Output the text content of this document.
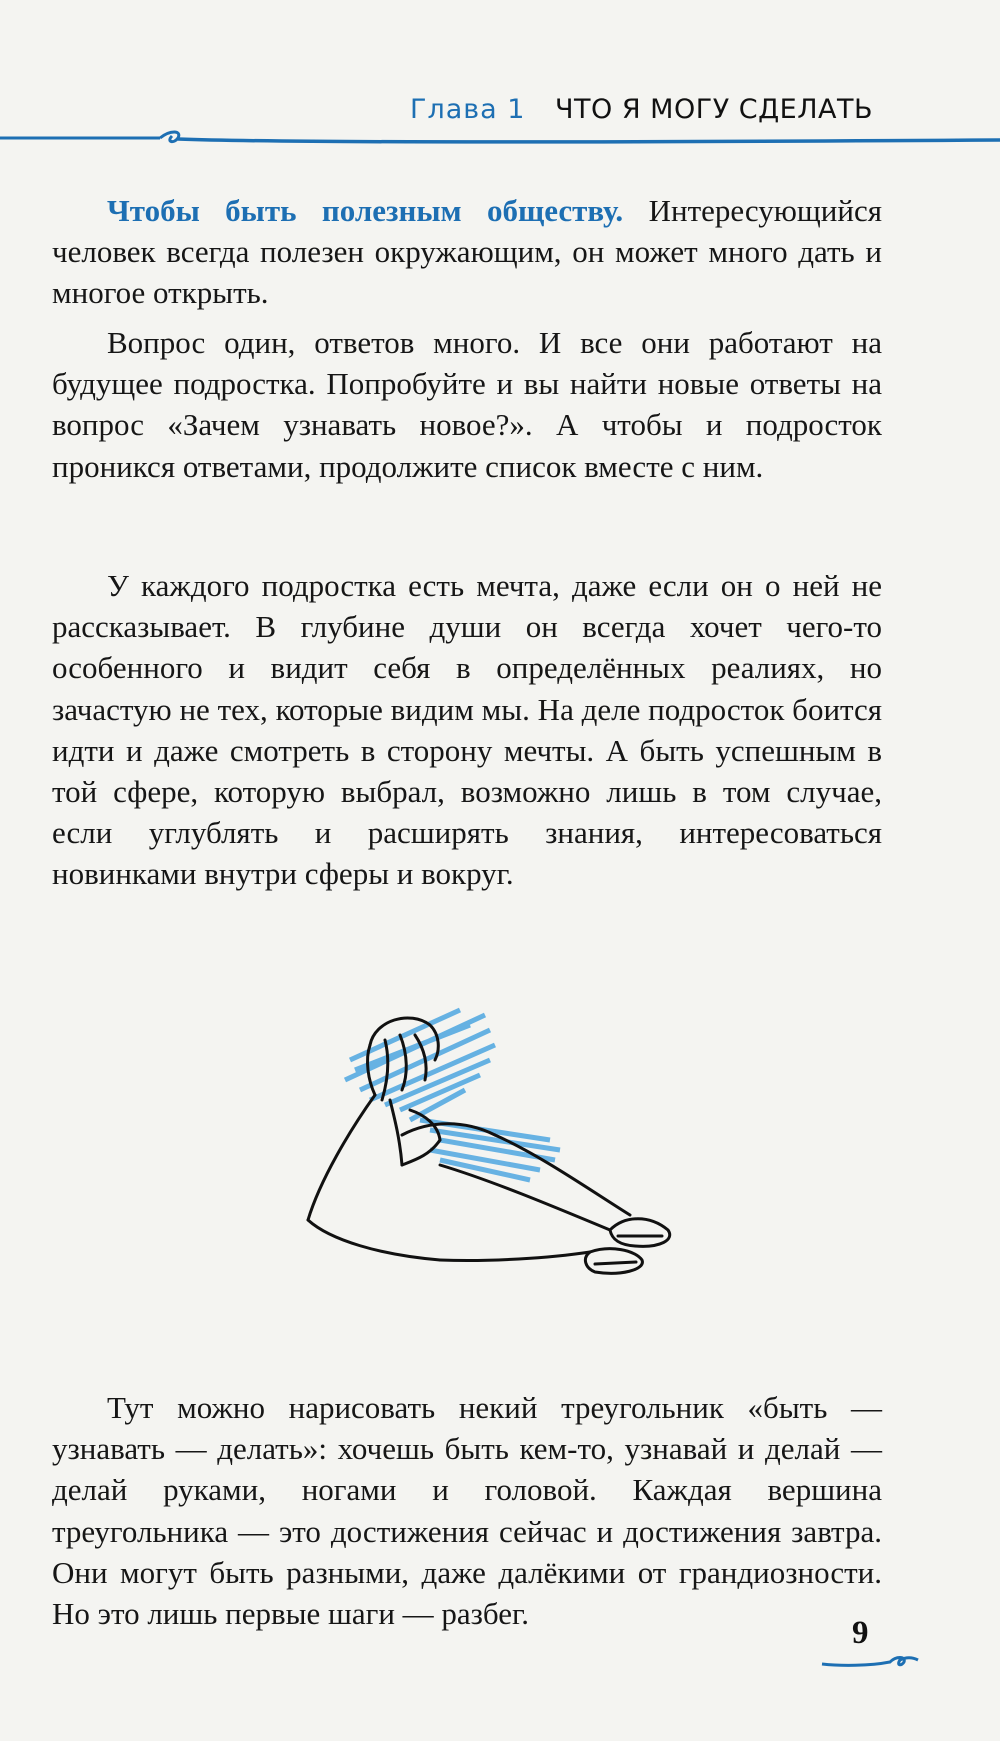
Глава 1 ЧТО Я МОГУ СДЕЛАТЬ

Чтобы быть полезным обществу. Интересующийся человек всегда полезен окружающим, он может много дать и многое открыть.

Вопрос один, ответов много. И все они работают на будущее подростка. Попробуйте и вы найти новые ответы на вопрос «Зачем узнавать новое?». А чтобы и подросток проникся ответами, продолжите список вместе с ним.

У каждого подростка есть мечта, даже если он о ней не рассказывает. В глубине души он всегда хочет чего-то особенного и видит себя в определённых реалиях, но зачастую не тех, которые видим мы. На деле подросток боится идти и даже смотреть в сторону мечты. А быть успешным в той сфере, которую выбрал, возможно лишь в том случае, если углублять и расширять знания, интересоваться новинками внутри сферы и вокруг.

Тут можно нарисовать некий треугольник «быть — узнавать — делать»: хочешь быть кем-то, узнавай и делай — делай руками, ногами и головой. Каждая вершина треугольника — это достижения сейчас и достижения завтра. Они могут быть разными, даже далёкими от грандиозности. Но это лишь первые шаги — разбег.

9
